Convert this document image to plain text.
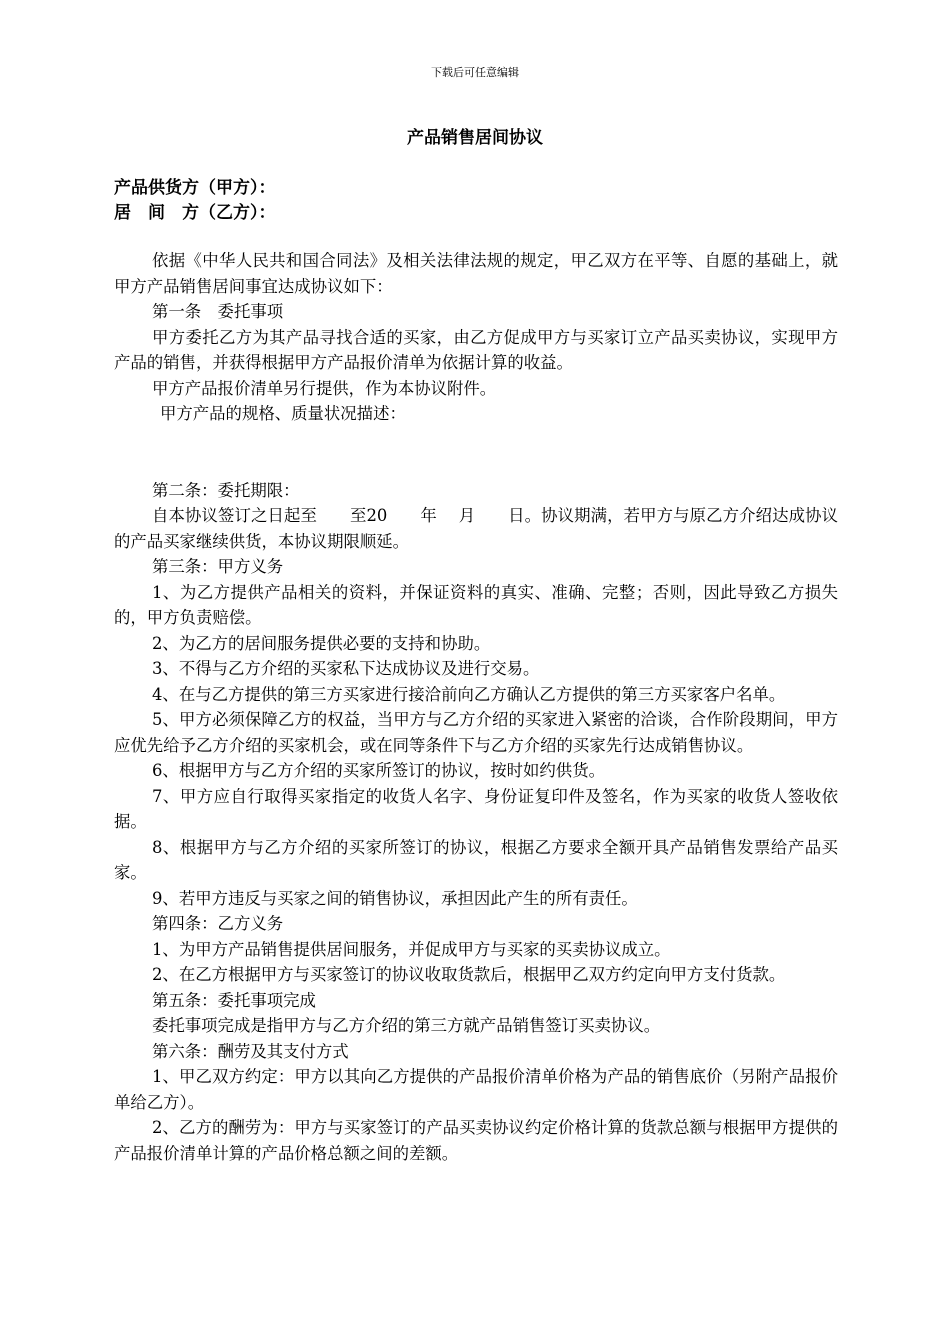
下载后可任意编辑
产品销售居间协议
产品供货方（甲方）：
居　间　方（乙方）：

依据《中华人民共和国合同法》及相关法律法规的规定，甲乙双方在平等、自愿的基础上，就甲方产品销售居间事宜达成协议如下：

第一条　委托事项

甲方委托乙方为其产品寻找合适的买家，由乙方促成甲方与买家订立产品买卖协议，实现甲方产品的销售，并获得根据甲方产品报价清单为依据计算的收益。

甲方产品报价清单另行提供，作为本协议附件。

甲方产品的规格、质量状况描述：

第二条：委托期限：

自本协议签订之日起至　　至20　　年　 月　　日。协议期满，若甲方与原乙方介绍达成协议的产品买家继续供货，本协议期限顺延。

第三条：甲方义务

1、为乙方提供产品相关的资料，并保证资料的真实、准确、完整；否则，因此导致乙方损失的，甲方负责赔偿。

2、为乙方的居间服务提供必要的支持和协助。

3、不得与乙方介绍的买家私下达成协议及进行交易。

4、在与乙方提供的第三方买家进行接洽前向乙方确认乙方提供的第三方买家客户名单。

5、甲方必须保障乙方的权益，当甲方与乙方介绍的买家进入紧密的洽谈，合作阶段期间，甲方应优先给予乙方介绍的买家机会，或在同等条件下与乙方介绍的买家先行达成销售协议。

6、根据甲方与乙方介绍的买家所签订的协议，按时如约供货。

7、甲方应自行取得买家指定的收货人名字、身份证复印件及签名，作为买家的收货人签收依据。

8、根据甲方与乙方介绍的买家所签订的协议，根据乙方要求全额开具产品销售发票给产品买家。

9、若甲方违反与买家之间的销售协议，承担因此产生的所有责任。

第四条：乙方义务

1、为甲方产品销售提供居间服务，并促成甲方与买家的买卖协议成立。

2、在乙方根据甲方与买家签订的协议收取货款后，根据甲乙双方约定向甲方支付货款。

第五条：委托事项完成

委托事项完成是指甲方与乙方介绍的第三方就产品销售签订买卖协议。

第六条：酬劳及其支付方式

1、甲乙双方约定：甲方以其向乙方提供的产品报价清单价格为产品的销售底价（另附产品报价单给乙方）。

2、乙方的酬劳为：甲方与买家签订的产品买卖协议约定价格计算的货款总额与根据甲方提供的产品报价清单计算的产品价格总额之间的差额。
